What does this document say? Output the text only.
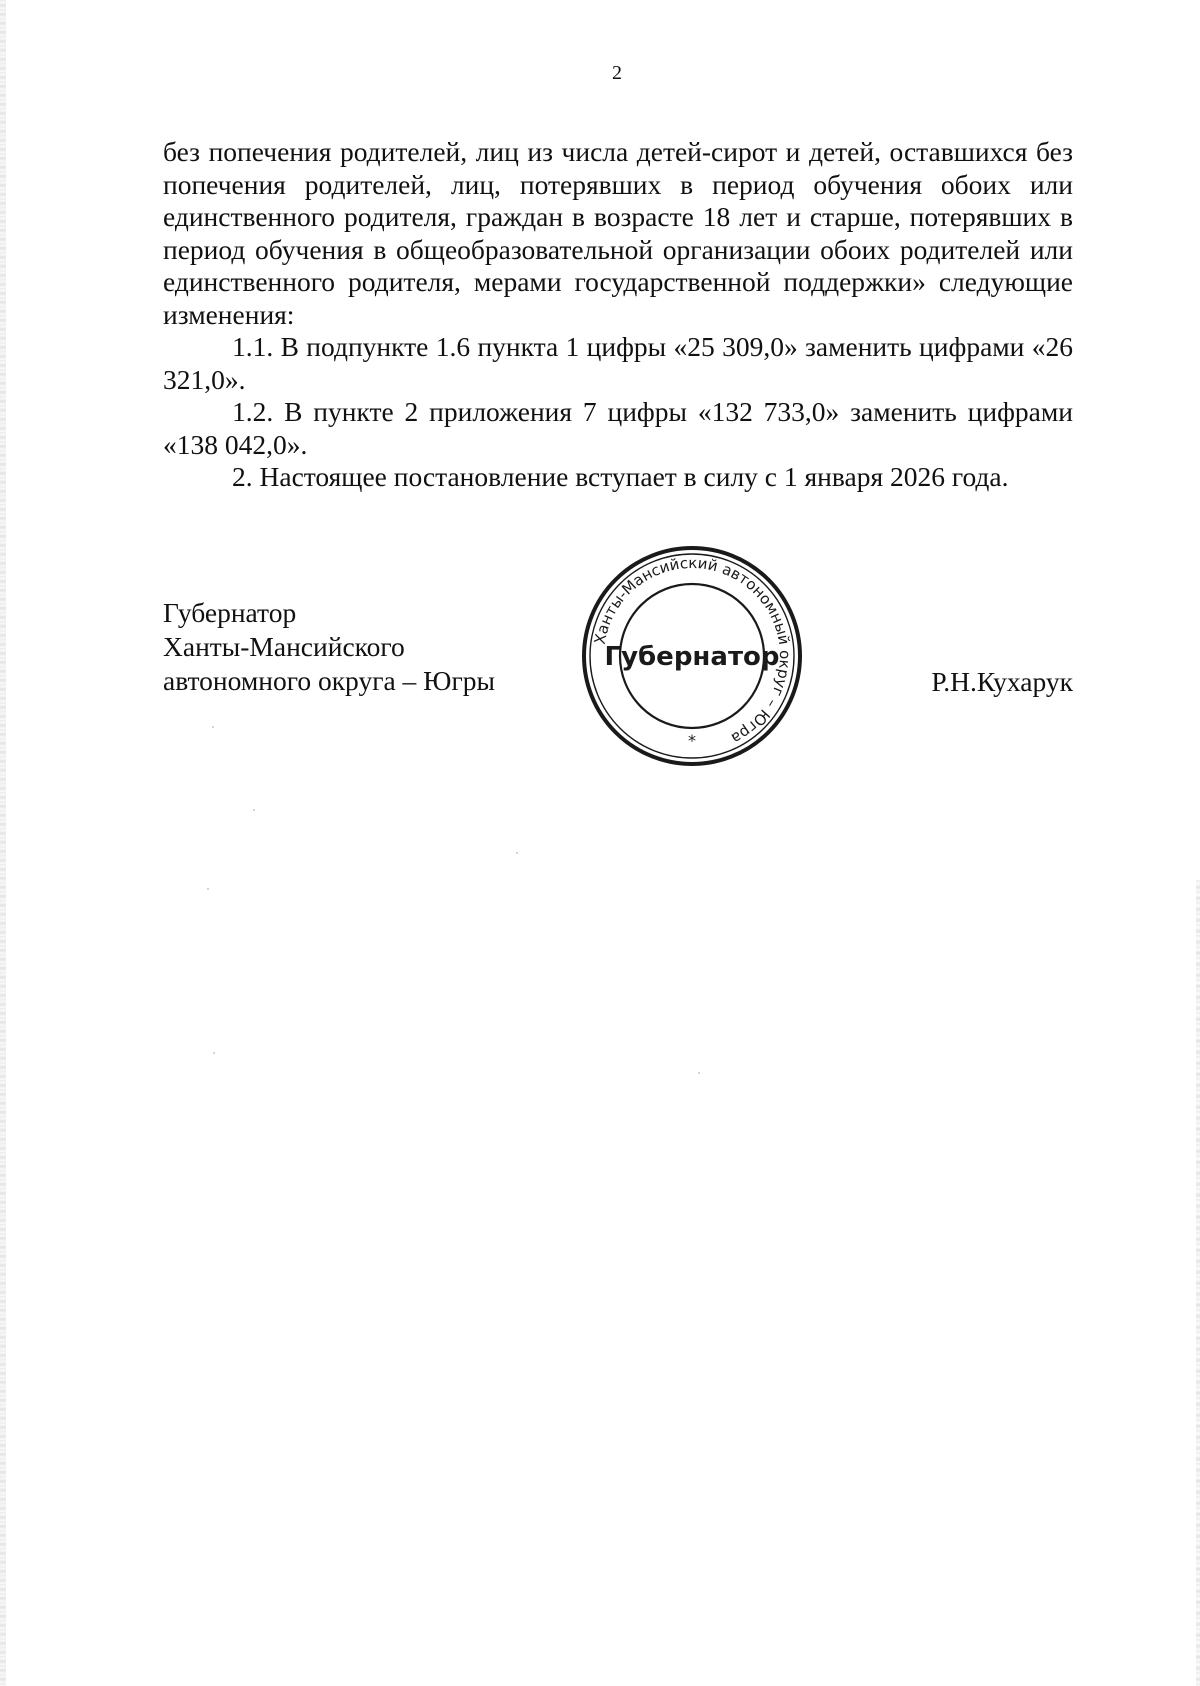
2

без попечения родителей, лиц из числа детей-сирот и детей, оставшихся без попечения родителей, лиц, потерявших в период обучения обоих или единственного родителя, граждан в возрасте 18 лет и старше, потерявших в период обучения в общеобразовательной организации обоих родителей или единственного родителя, мерами государственной поддержки» следующие изменения:

1.1. В подпункте 1.6 пункта 1 цифры «25 309,0» заменить цифрами «26 321,0».

1.2. В пункте 2 приложения 7 цифры «132 733,0» заменить цифрами «138 042,0».

2. Настоящее постановление вступает в силу с 1 января 2026 года.

Губернатор
Ханты-Мансийского
автономного округа – Югры	Р.Н.Кухарук
Ханты-Мансийский автономный округ – Югра
Губернатор
*
